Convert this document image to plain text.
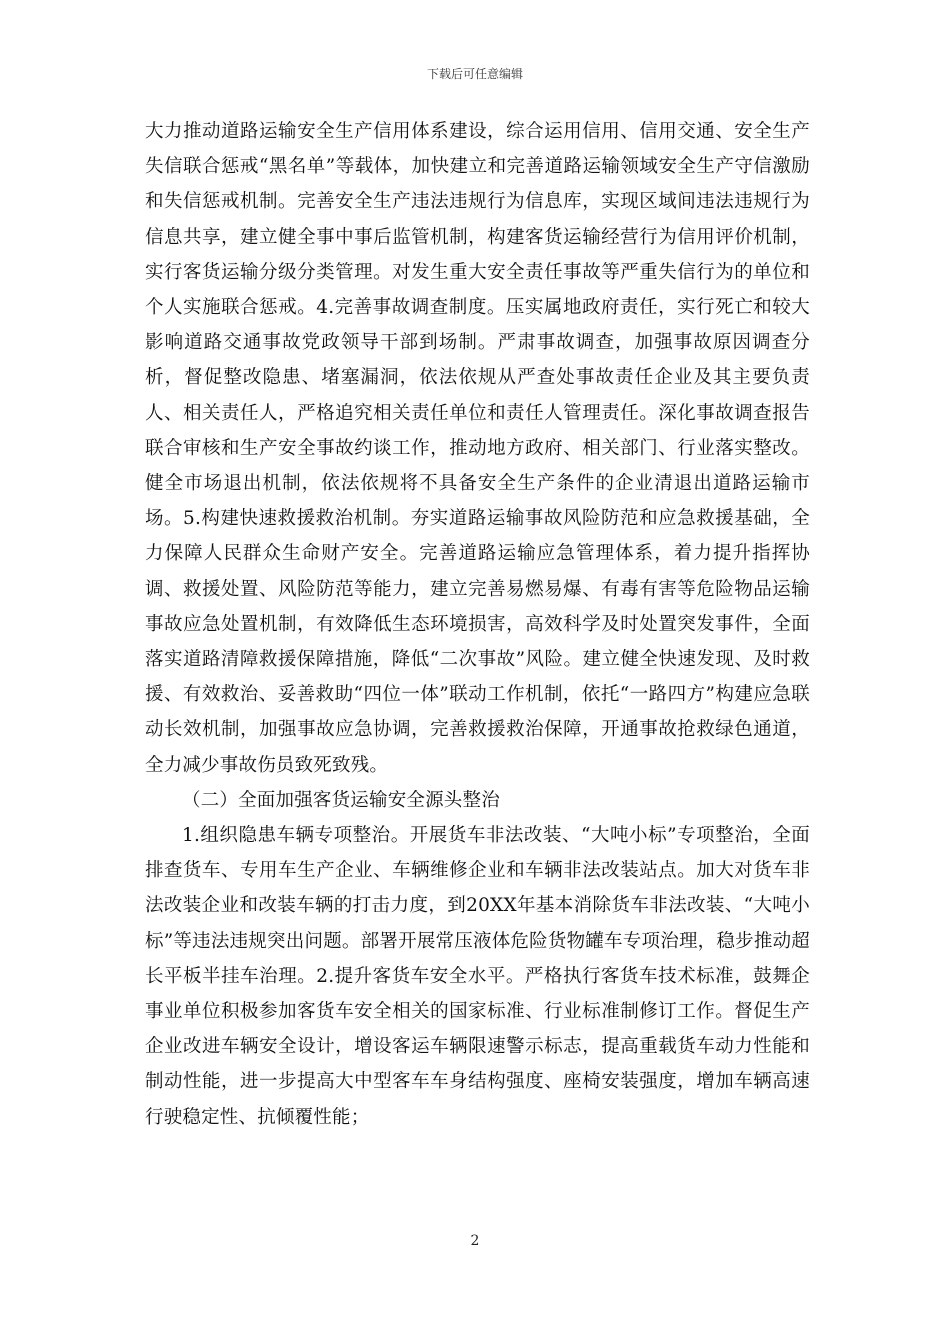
下载后可任意编辑

大力推动道路运输安全生产信用体系建设，综合运用信用、信用交通、安全生产失信联合惩戒“黑名单”等载体，加快建立和完善道路运输领域安全生产守信激励和失信惩戒机制。完善安全生产违法违规行为信息库，实现区域间违法违规行为信息共享，建立健全事中事后监管机制，构建客货运输经营行为信用评价机制，实行客货运输分级分类管理。对发生重大安全责任事故等严重失信行为的单位和个人实施联合惩戒。4.完善事故调查制度。压实属地政府责任，实行死亡和较大影响道路交通事故党政领导干部到场制。严肃事故调查，加强事故原因调查分析，督促整改隐患、堵塞漏洞，依法依规从严查处事故责任企业及其主要负责人、相关责任人，严格追究相关责任单位和责任人管理责任。深化事故调查报告联合审核和生产安全事故约谈工作，推动地方政府、相关部门、行业落实整改。健全市场退出机制，依法依规将不具备安全生产条件的企业清退出道路运输市场。5.构建快速救援救治机制。夯实道路运输事故风险防范和应急救援基础，全力保障人民群众生命财产安全。完善道路运输应急管理体系，着力提升指挥协调、救援处置、风险防范等能力，建立完善易燃易爆、有毒有害等危险物品运输事故应急处置机制，有效降低生态环境损害，高效科学及时处置突发事件，全面落实道路清障救援保障措施，降低“二次事故”风险。建立健全快速发现、及时救援、有效救治、妥善救助“四位一体”联动工作机制，依托“一路四方”构建应急联动长效机制，加强事故应急协调，完善救援救治保障，开通事故抢救绿色通道，全力减少事故伤员致死致残。

（二）全面加强客货运输安全源头整治

1.组织隐患车辆专项整治。开展货车非法改装、“大吨小标”专项整治，全面排查货车、专用车生产企业、车辆维修企业和车辆非法改装站点。加大对货车非法改装企业和改装车辆的打击力度，到20XX年基本消除货车非法改装、“大吨小标”等违法违规突出问题。部署开展常压液体危险货物罐车专项治理，稳步推动超长平板半挂车治理。2.提升客货车安全水平。严格执行客货车技术标准，鼓舞企事业单位积极参加客货车安全相关的国家标准、行业标准制修订工作。督促生产企业改进车辆安全设计，增设客运车辆限速警示标志，提高重载货车动力性能和制动性能，进一步提高大中型客车车身结构强度、座椅安装强度，增加车辆高速行驶稳定性、抗倾覆性能；

2
